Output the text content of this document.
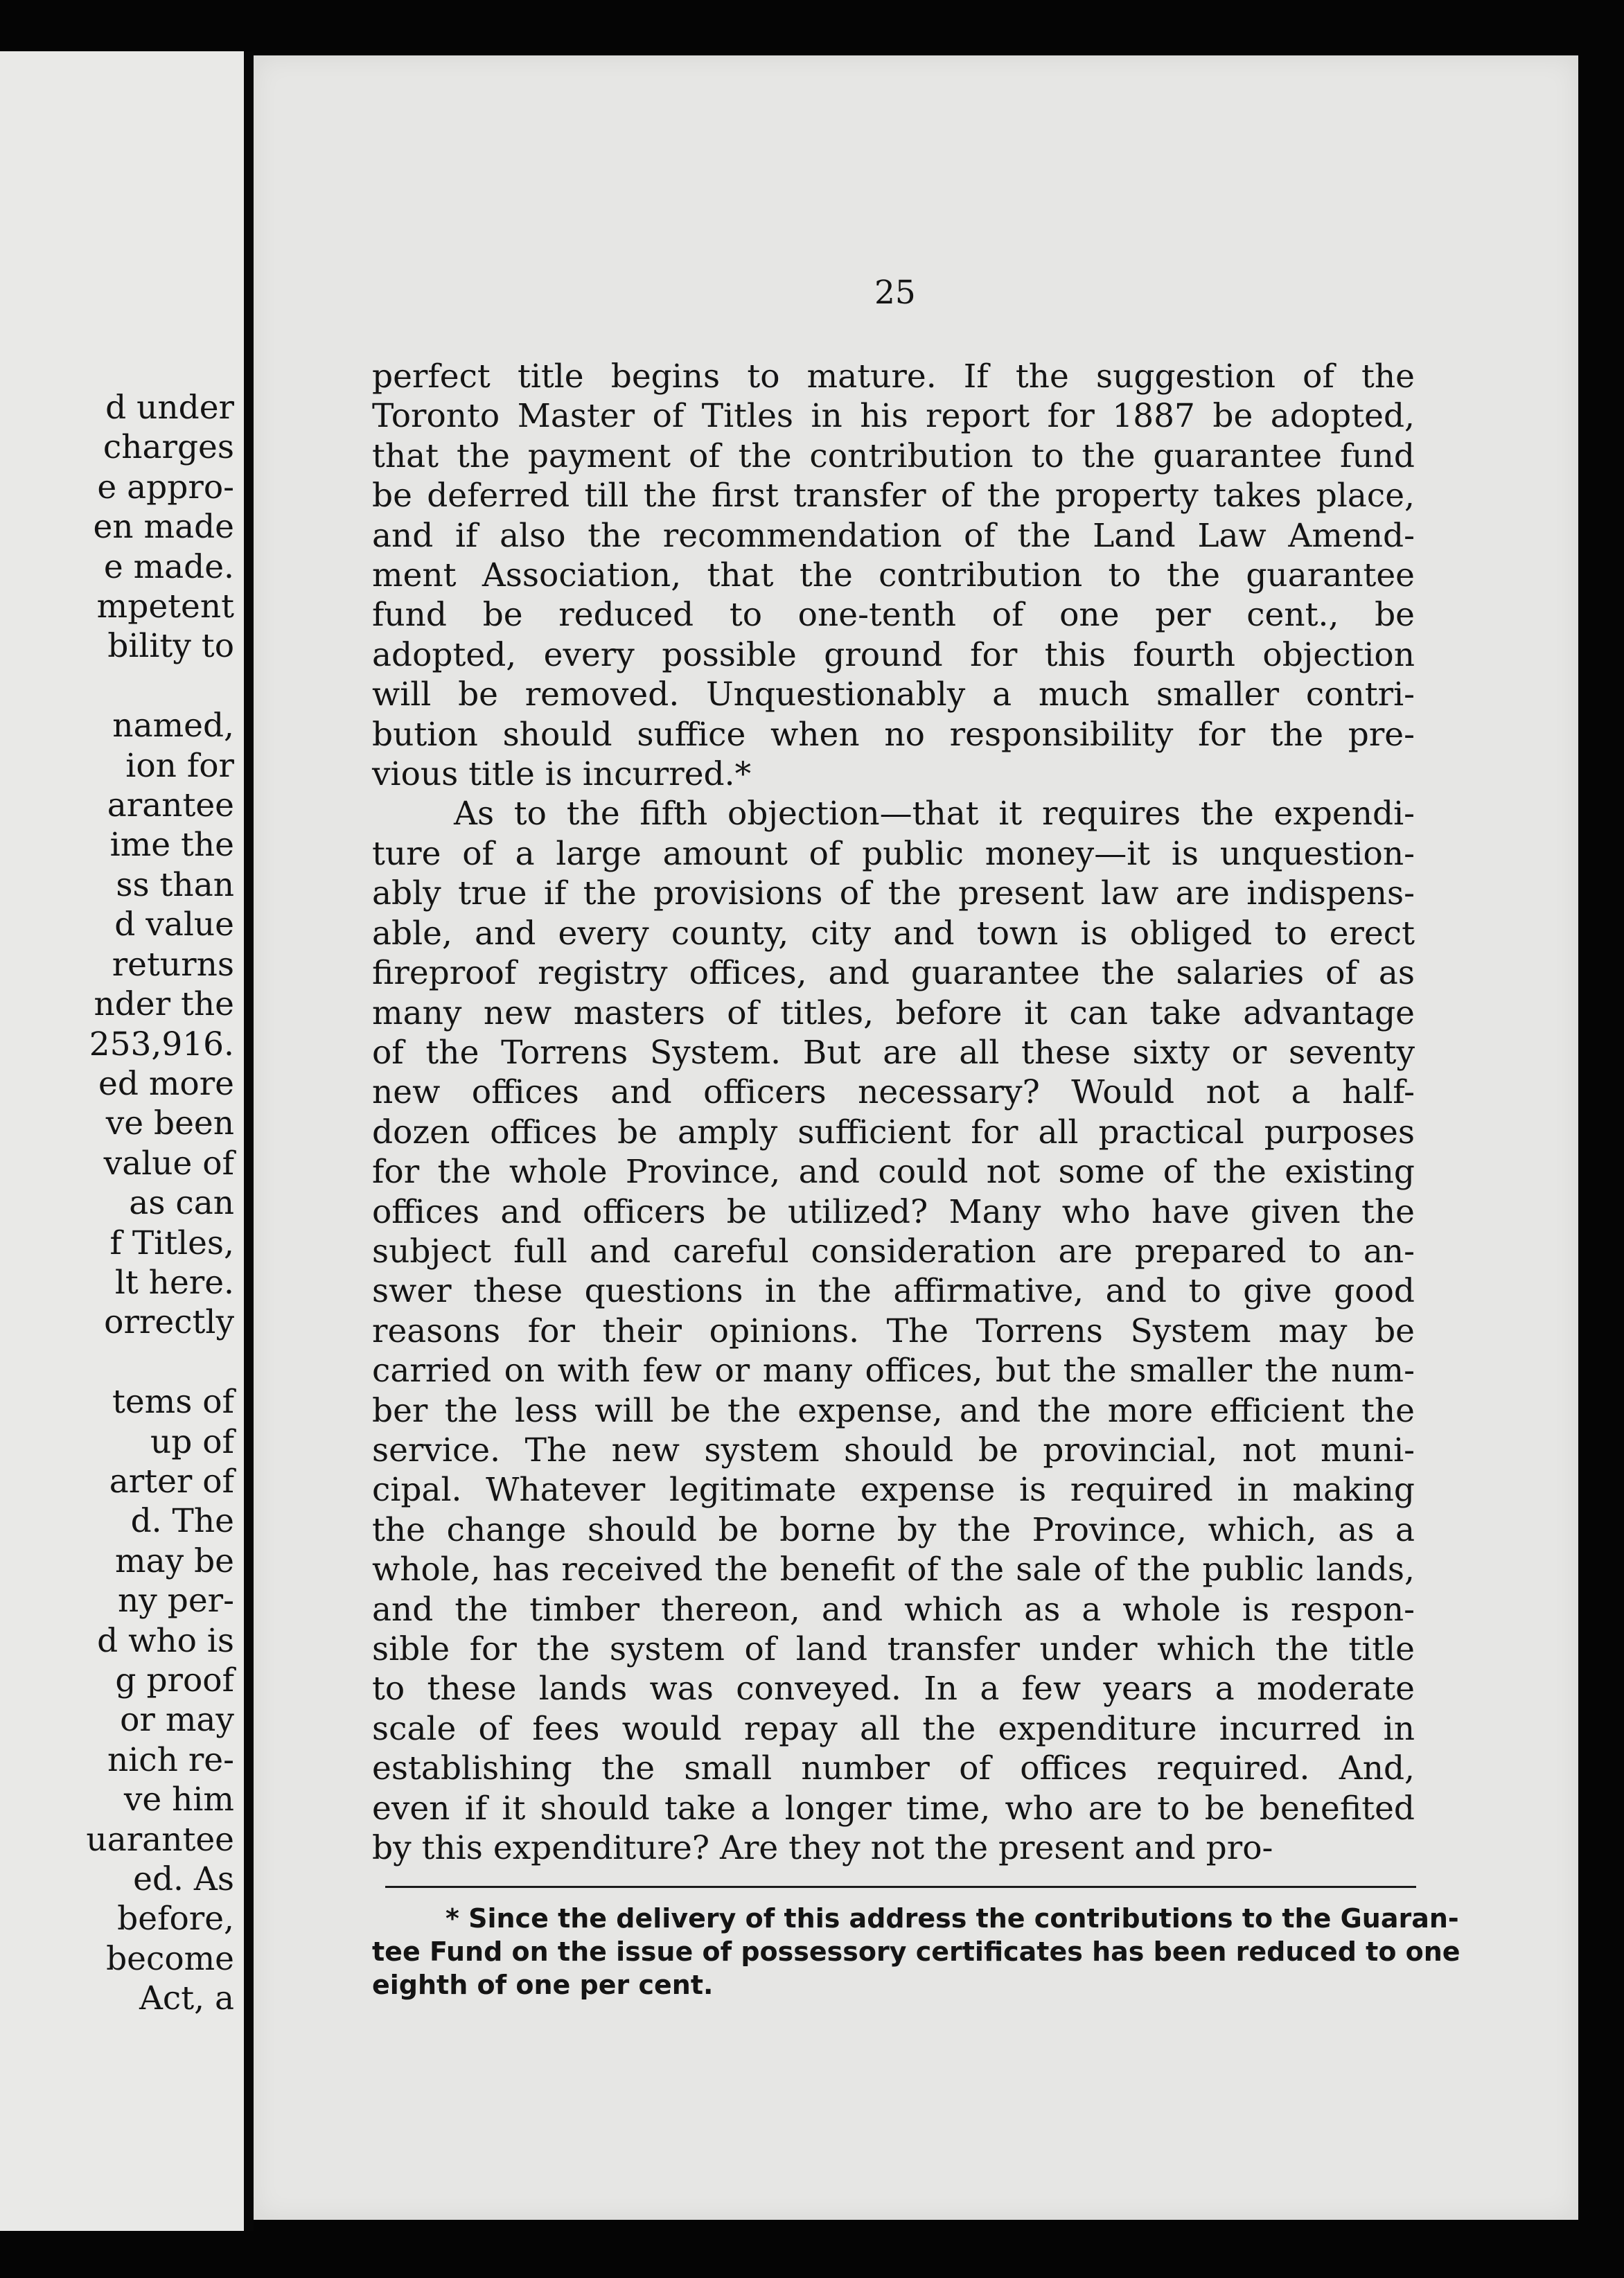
d under
charges
e appro-
en made
e made.
mpetent
bility to

named,
ion for
arantee
ime the
ss than
d value
returns
nder the
253,916.
ed more
ve been
value of
as can
f Titles,
lt here.
orrectly

tems of
up of
arter of
d. The
may be
ny per-
d who is
g proof
or may
nich re-
ve him
uarantee
ed. As
before,
become
Act, a
25
perfect title begins to mature. If the suggestion of the
Toronto Master of Titles in his report for 1887 be adopted,
that the payment of the contribution to the guarantee fund
be deferred till the first transfer of the property takes place,
and if also the recommendation of the Land Law Amend-
ment Association, that the contribution to the guarantee
fund be reduced to one-tenth of one per cent., be
adopted, every possible ground for this fourth objection
will be removed. Unquestionably a much smaller contri-
bution should suffice when no responsibility for the pre-
vious title is incurred.*
As to the fifth objection—that it requires the expendi-
ture of a large amount of public money—it is unquestion-
ably true if the provisions of the present law are indispens-
able, and every county, city and town is obliged to erect
fireproof registry offices, and guarantee the salaries of as
many new masters of titles, before it can take advantage
of the Torrens System. But are all these sixty or seventy
new offices and officers necessary? Would not a half-
dozen offices be amply sufficient for all practical purposes
for the whole Province, and could not some of the existing
offices and officers be utilized? Many who have given the
subject full and careful consideration are prepared to an-
swer these questions in the affirmative, and to give good
reasons for their opinions. The Torrens System may be
carried on with few or many offices, but the smaller the num-
ber the less will be the expense, and the more efficient the
service. The new system should be provincial, not muni-
cipal. Whatever legitimate expense is required in making
the change should be borne by the Province, which, as a
whole, has received the benefit of the sale of the public lands,
and the timber thereon, and which as a whole is respon-
sible for the system of land transfer under which the title
to these lands was conveyed. In a few years a moderate
scale of fees would repay all the expenditure incurred in
establishing the small number of offices required. And,
even if it should take a longer time, who are to be benefited
by this expenditure? Are they not the present and pro-
* Since the delivery of this address the contributions to the Guaran-
tee Fund on the issue of possessory certificates has been reduced to one
eighth of one per cent.
